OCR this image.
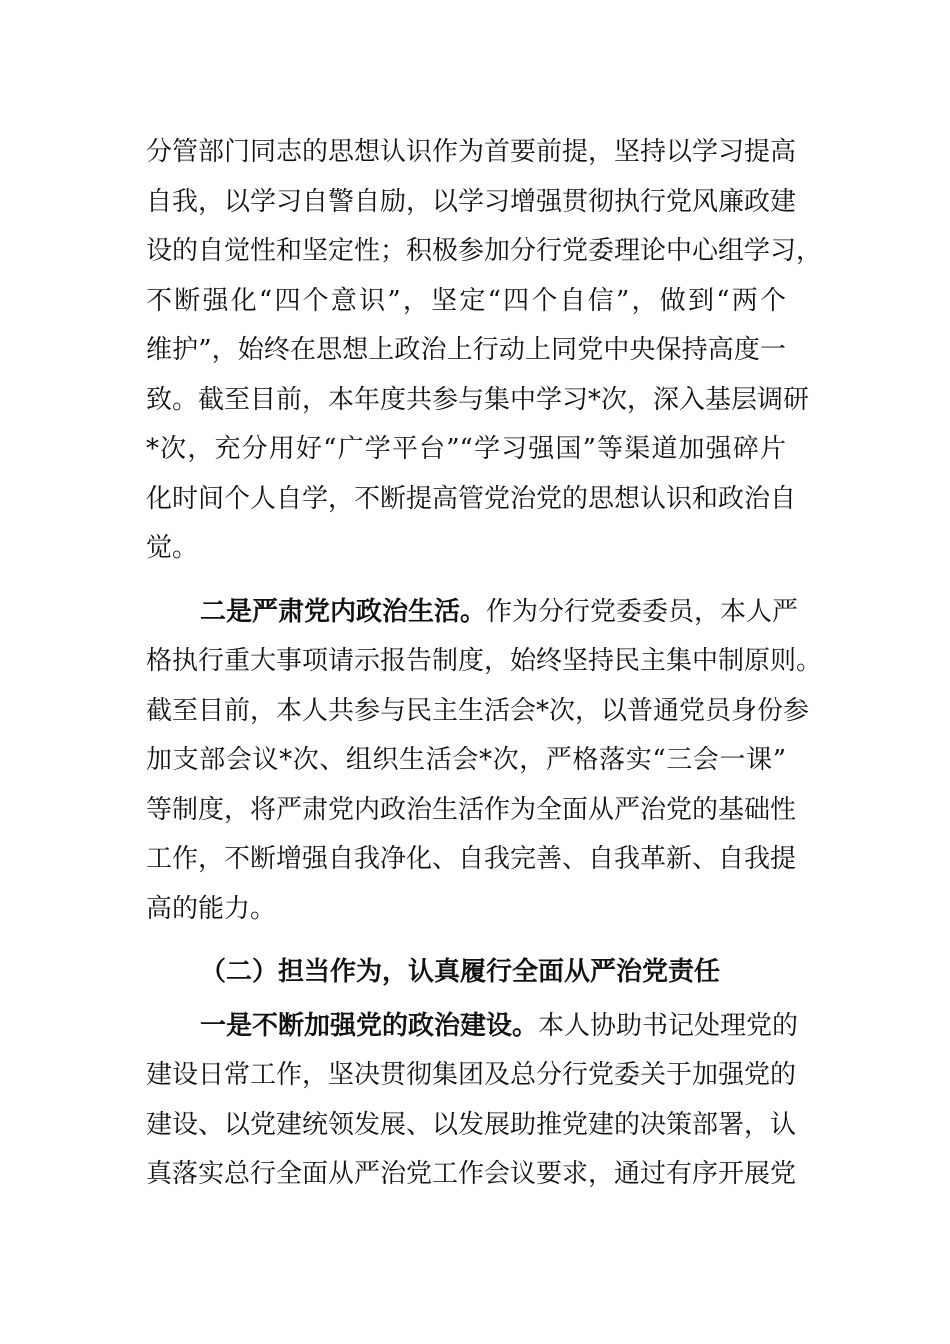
分管部门同志的思想认识作为首要前提，坚持以学习提高
自我，以学习自警自励，以学习增强贯彻执行党风廉政建
设的自觉性和坚定性；积极参加分行党委理论中心组学习，
不断强化“四个意识”，坚定“四个自信”，做到“两个
维护”，始终在思想上政治上行动上同党中央保持高度一
致。截至目前，本年度共参与集中学习*次，深入基层调研
*次，充分用好“广学平台”“学习强国”等渠道加强碎片
化时间个人自学，不断提高管党治党的思想认识和政治自
觉。
二是严肃党内政治生活。作为分行党委委员，本人严
格执行重大事项请示报告制度，始终坚持民主集中制原则。
截至目前，本人共参与民主生活会*次，以普通党员身份参
加支部会议*次、组织生活会*次，严格落实“三会一课”
等制度，将严肃党内政治生活作为全面从严治党的基础性
工作，不断增强自我净化、自我完善、自我革新、自我提
高的能力。
（二）担当作为，认真履行全面从严治党责任
一是不断加强党的政治建设。本人协助书记处理党的
建设日常工作，坚决贯彻集团及总分行党委关于加强党的
建设、以党建统领发展、以发展助推党建的决策部署，认
真落实总行全面从严治党工作会议要求，通过有序开展党
